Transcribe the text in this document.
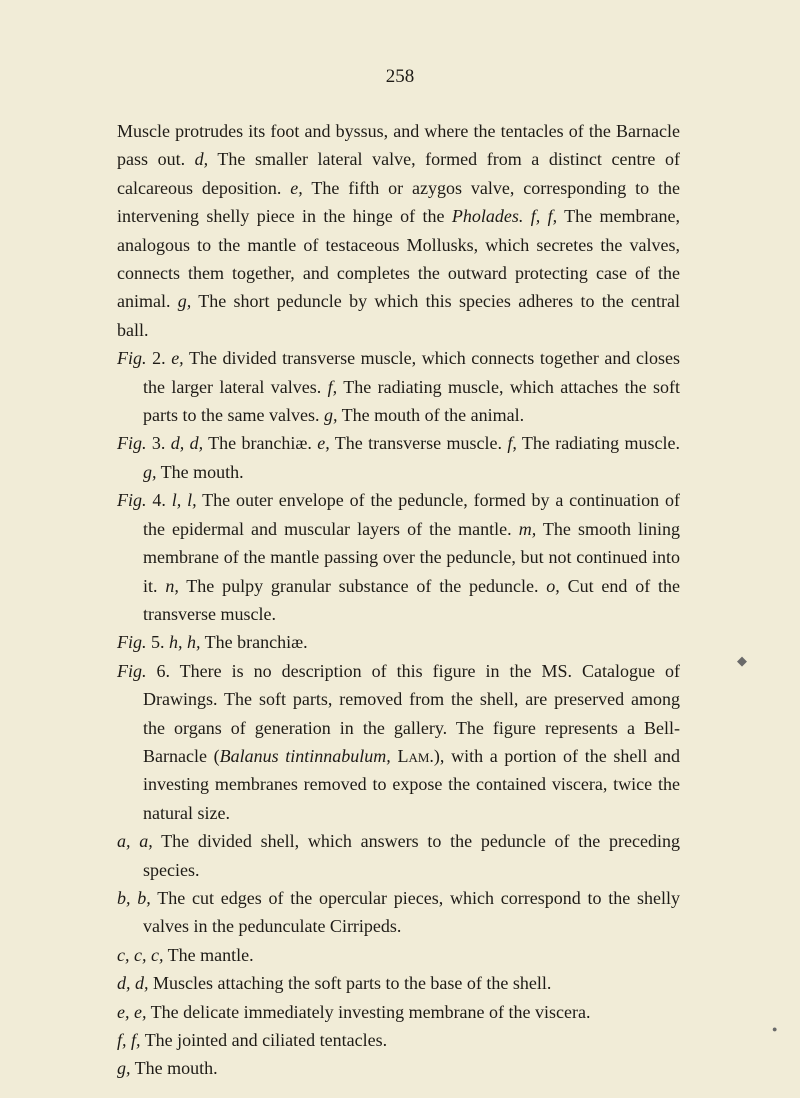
258

Muscle protrudes its foot and byssus, and where the tentacles of the Barnacle pass out. d, The smaller lateral valve, formed from a distinct centre of calcareous deposition. e, The fifth or azygos valve, corresponding to the intervening shelly piece in the hinge of the Pholades. f, f, The membrane, analogous to the mantle of testaceous Mollusks, which secretes the valves, connects them together, and completes the outward protecting case of the animal. g, The short peduncle by which this species adheres to the central ball.

Fig. 2. e, The divided transverse muscle, which connects together and closes the larger lateral valves. f, The radiating muscle, which attaches the soft parts to the same valves. g, The mouth of the animal.

Fig. 3. d, d, The branchiæ. e, The transverse muscle. f, The radiating muscle. g, The mouth.

Fig. 4. l, l, The outer envelope of the peduncle, formed by a continuation of the epidermal and muscular layers of the mantle. m, The smooth lining membrane of the mantle passing over the peduncle, but not continued into it. n, The pulpy granular substance of the peduncle. o, Cut end of the transverse muscle.

Fig. 5. h, h, The branchiæ.

Fig. 6. There is no description of this figure in the MS. Catalogue of Drawings. The soft parts, removed from the shell, are preserved among the organs of generation in the gallery. The figure represents a Bell-Barnacle (Balanus tintinnabulum, Lam.), with a portion of the shell and investing membranes removed to expose the contained viscera, twice the natural size.

a, a, The divided shell, which answers to the peduncle of the preceding species.

b, b, The cut edges of the opercular pieces, which correspond to the shelly valves in the pedunculate Cirripeds.

c, c, c, The mantle.

d, d, Muscles attaching the soft parts to the base of the shell.

e, e, The delicate immediately investing membrane of the viscera.

f, f, The jointed and ciliated tentacles.

g, The mouth.

◆
●
